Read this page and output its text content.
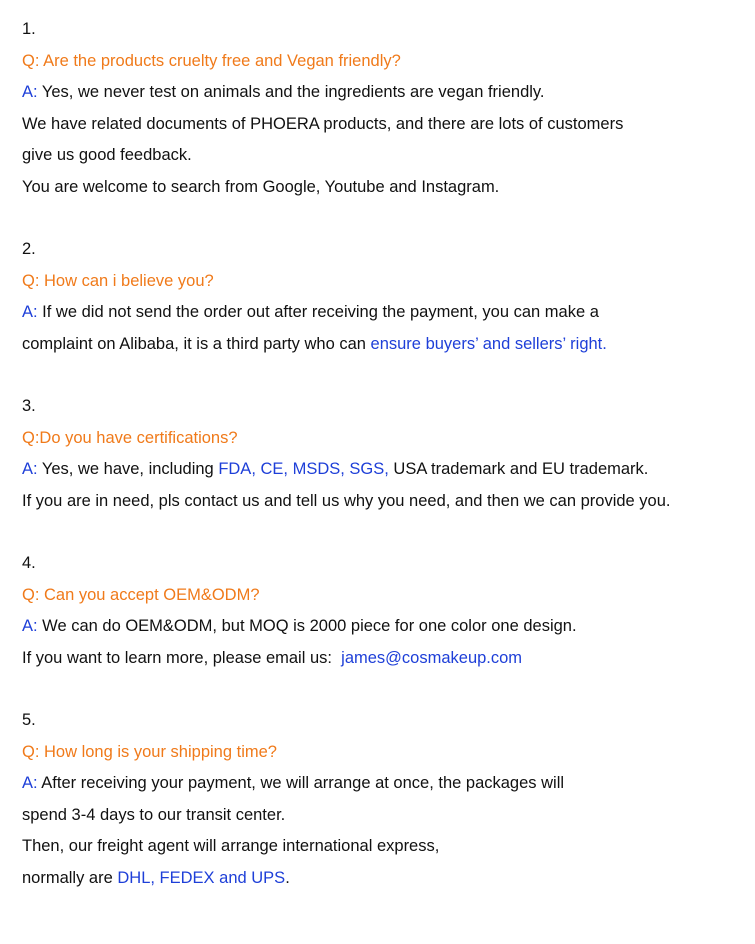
1.
Q: Are the products cruelty free and Vegan friendly?
A: Yes, we never test on animals and the ingredients are vegan friendly.
We have related documents of PHOERA products, and there are lots of customers
give us good feedback.
You are welcome to search from Google, Youtube and Instagram.
2.
Q: How can i believe you?
A: If we did not send the order out after receiving the payment, you can make a
complaint on Alibaba, it is a third party who can ensure buyers’ and sellers’ right.
3.
Q:Do you have certifications?
A: Yes, we have, including FDA, CE, MSDS, SGS, USA trademark and EU trademark.
If you are in need, pls contact us and tell us why you need, and then we can provide you.
4.
Q: Can you accept OEM&ODM?
A: We can do OEM&ODM, but MOQ is 2000 piece for one color one design.
If you want to learn more, please email us:  james@cosmakeup.com
5.
Q: How long is your shipping time?
A: After receiving your payment, we will arrange at once, the packages will
spend 3-4 days to our transit center.
Then, our freight agent will arrange international express,
normally are DHL, FEDEX and UPS.
